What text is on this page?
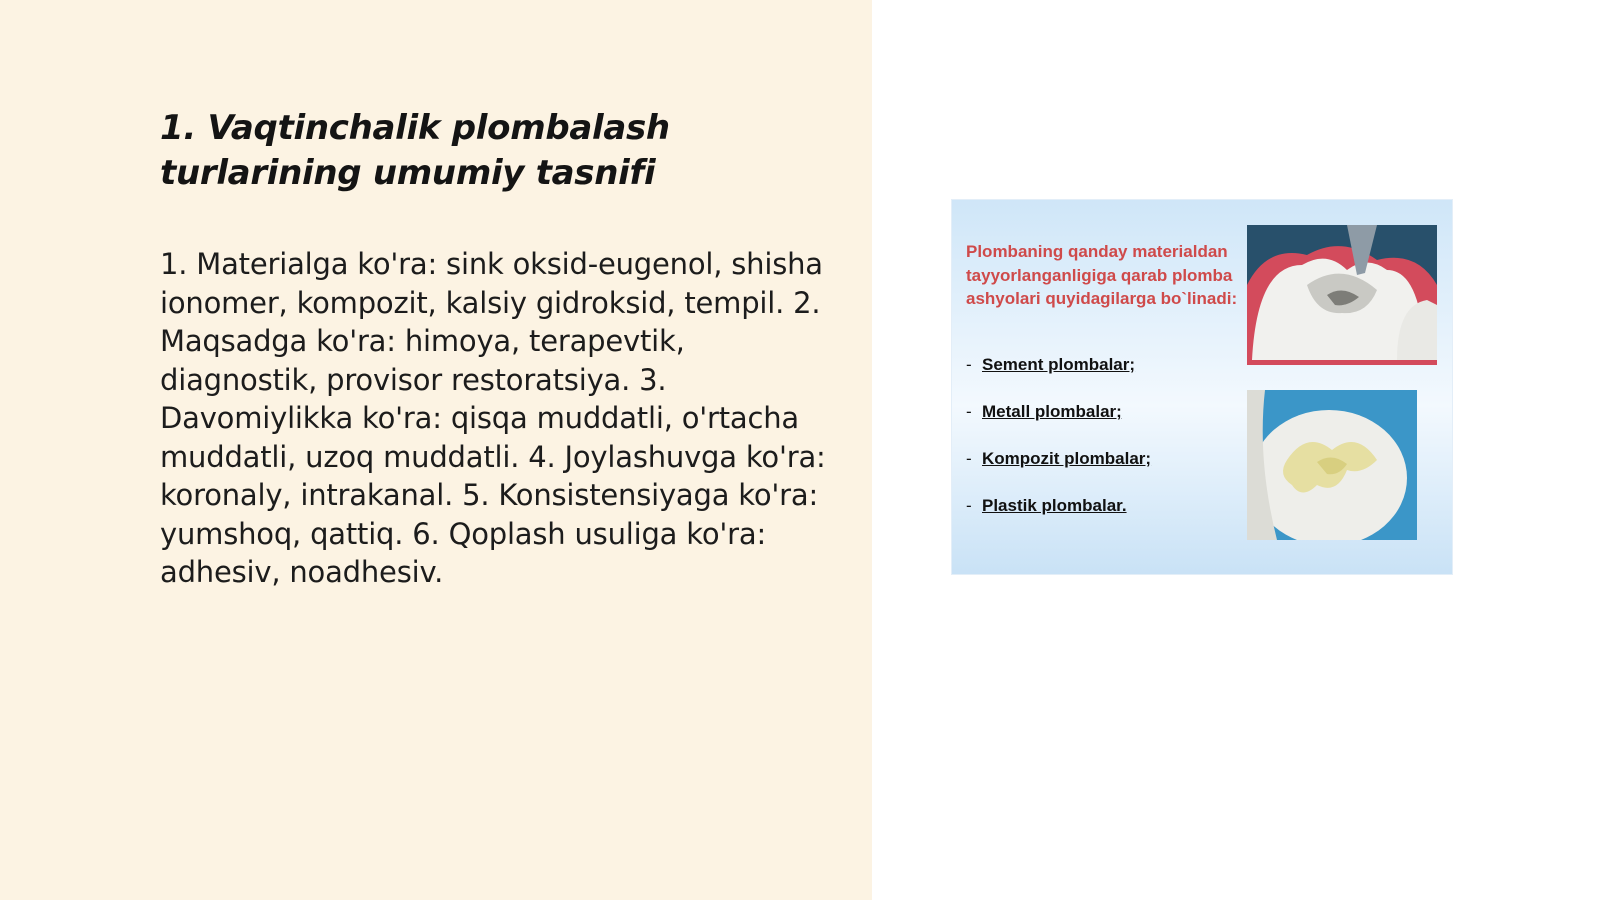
1. Vaqtinchalik plombalash turlarining umumiy tasnifi

1. Materialga ko'ra: sink oksid-eugenol, shisha ionomer, kompozit, kalsiy gidroksid, tempil. 2. Maqsadga ko'ra: himoya, terapevtik, diagnostik, provisor restoratsiya. 3. Davomiylikka ko'ra: qisqa muddatli, o'rtacha muddatli, uzoq muddatli. 4. Joylashuvga ko'ra: koronaly, intrakanal. 5. Konsistensiyaga ko'ra: yumshoq, qattiq. 6. Qoplash usuliga ko'ra: adhesiv, noadhesiv.

Plombaning qanday materialdan tayyorlanganligiga qarab plomba ashyolari quyidagilarga bo`linadi:

- Sement plombalar;
- Metall plombalar;
- Kompozit plombalar;
- Plastik plombalar.
